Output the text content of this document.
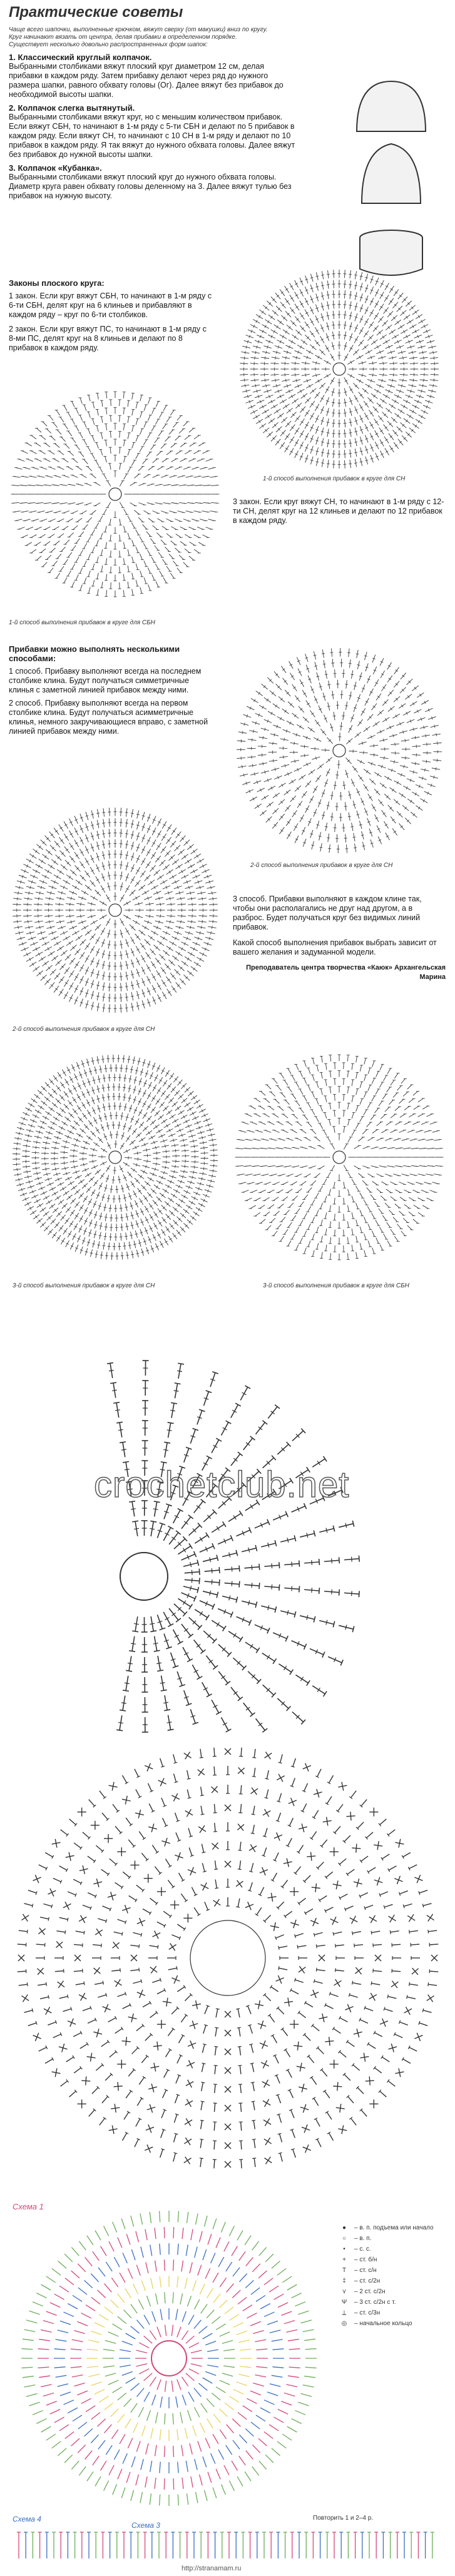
Практические советы
Чаще всего шапочки, выполненные крючком, вяжут сверху (от макушки) вниз по кругу.
Круг начинают вязать от центра, делая прибавки в определенном порядке.
Существует несколько довольно распространенных форм шапок:
1. Классический круглый колпачок.
Выбранными столбиками вяжут плоский круг диаметром 12 см, делая прибавки в каждом ряду. Затем прибавку делают через ряд до нужного размера шапки, равного обхвату головы (Ог). Далее вяжут без прибавок до необходимой высоты шапки.
2. Колпачок слегка вытянутый.
Выбранными столбиками вяжут круг, но с меньшим количеством прибавок. Если вяжут СБН, то начинают в 1-м ряду с 5-ти СБН и делают по 5 прибавок в каждом ряду. Если вяжут СН, то начинают с 10 СН в 1-м ряду и делают по 10 прибавок в каждом ряду. Я так вяжут до нужного обхвата головы. Далее вяжут без прибавок до нужной высоты шапки.
3. Колпачок «Кубанка».
Выбранными столбиками вяжут плоский круг до нужного обхвата головы. Диаметр круга равен обхвату головы деленному на 3. Далее вяжут тулью без прибавок на нужную высоту.
Законы плоского круга:
1 закон. Если круг вяжут СБН, то начинают в 1-м ряду с 6-ти СБН, делят круг на 6 клиньев и прибавляют в каждом ряду – круг по 6-ти столбиков.
2 закон. Если круг вяжут ПС, то начинают в 1-м ряду с 8-ми ПС, делят круг на 8 клиньев и делают по 8 прибавок в каждом ряду.
1-й способ выполнения прибавок в круге для СН
1-й способ выполнения прибавок в круге для СБН
3 закон. Если круг вяжут СН, то начинают в 1-м ряду с 12-ти СН, делят круг на 12 клиньев и делают по 12 прибавок в каждом ряду.
Прибавки можно выполнять несколькими способами:
1 способ. Прибавку выполняют всегда на последнем столбике клина. Будут получаться симметричные клинья с заметной линией прибавок между ними.
2 способ. Прибавку выполняют всегда на первом столбике клина. Будут получаться асимметричные клинья, немного закручивающиеся вправо, с заметной линией прибавок между ними.
2-й способ выполнения прибавок в круге для СН
2-й способ выполнения прибавок в круге для СН
3 способ. Прибавки выполняют в каждом клине так, чтобы они располагались не друг над другом, а в разброс. Будет получаться круг без видимых линий прибавок.
Какой способ выполнения прибавок выбрать зависит от вашего желания и задуманной модели.
Преподаватель центра творчества «Каюк» Архангельская Марина
3-й способ выполнения прибавок в круге для СН	3-й способ выполнения прибавок в круге для СБН
crochetclub.net
Схема 1
●	– в. п. подъема или начало
○	– в. п.
•	– с. с.
+	– ст. б/н
T	– ст. с/н
‡	– ст. с/2н
⋎	– 2 ст. с/2н
Ψ	– 3 ст. с/2н с т.
⟂	– ст. с/3н
◎	– начальное кольцо
Схема 4
Схема 3
Повторить 1 и 2–4 р.
http://stranamam.ru
